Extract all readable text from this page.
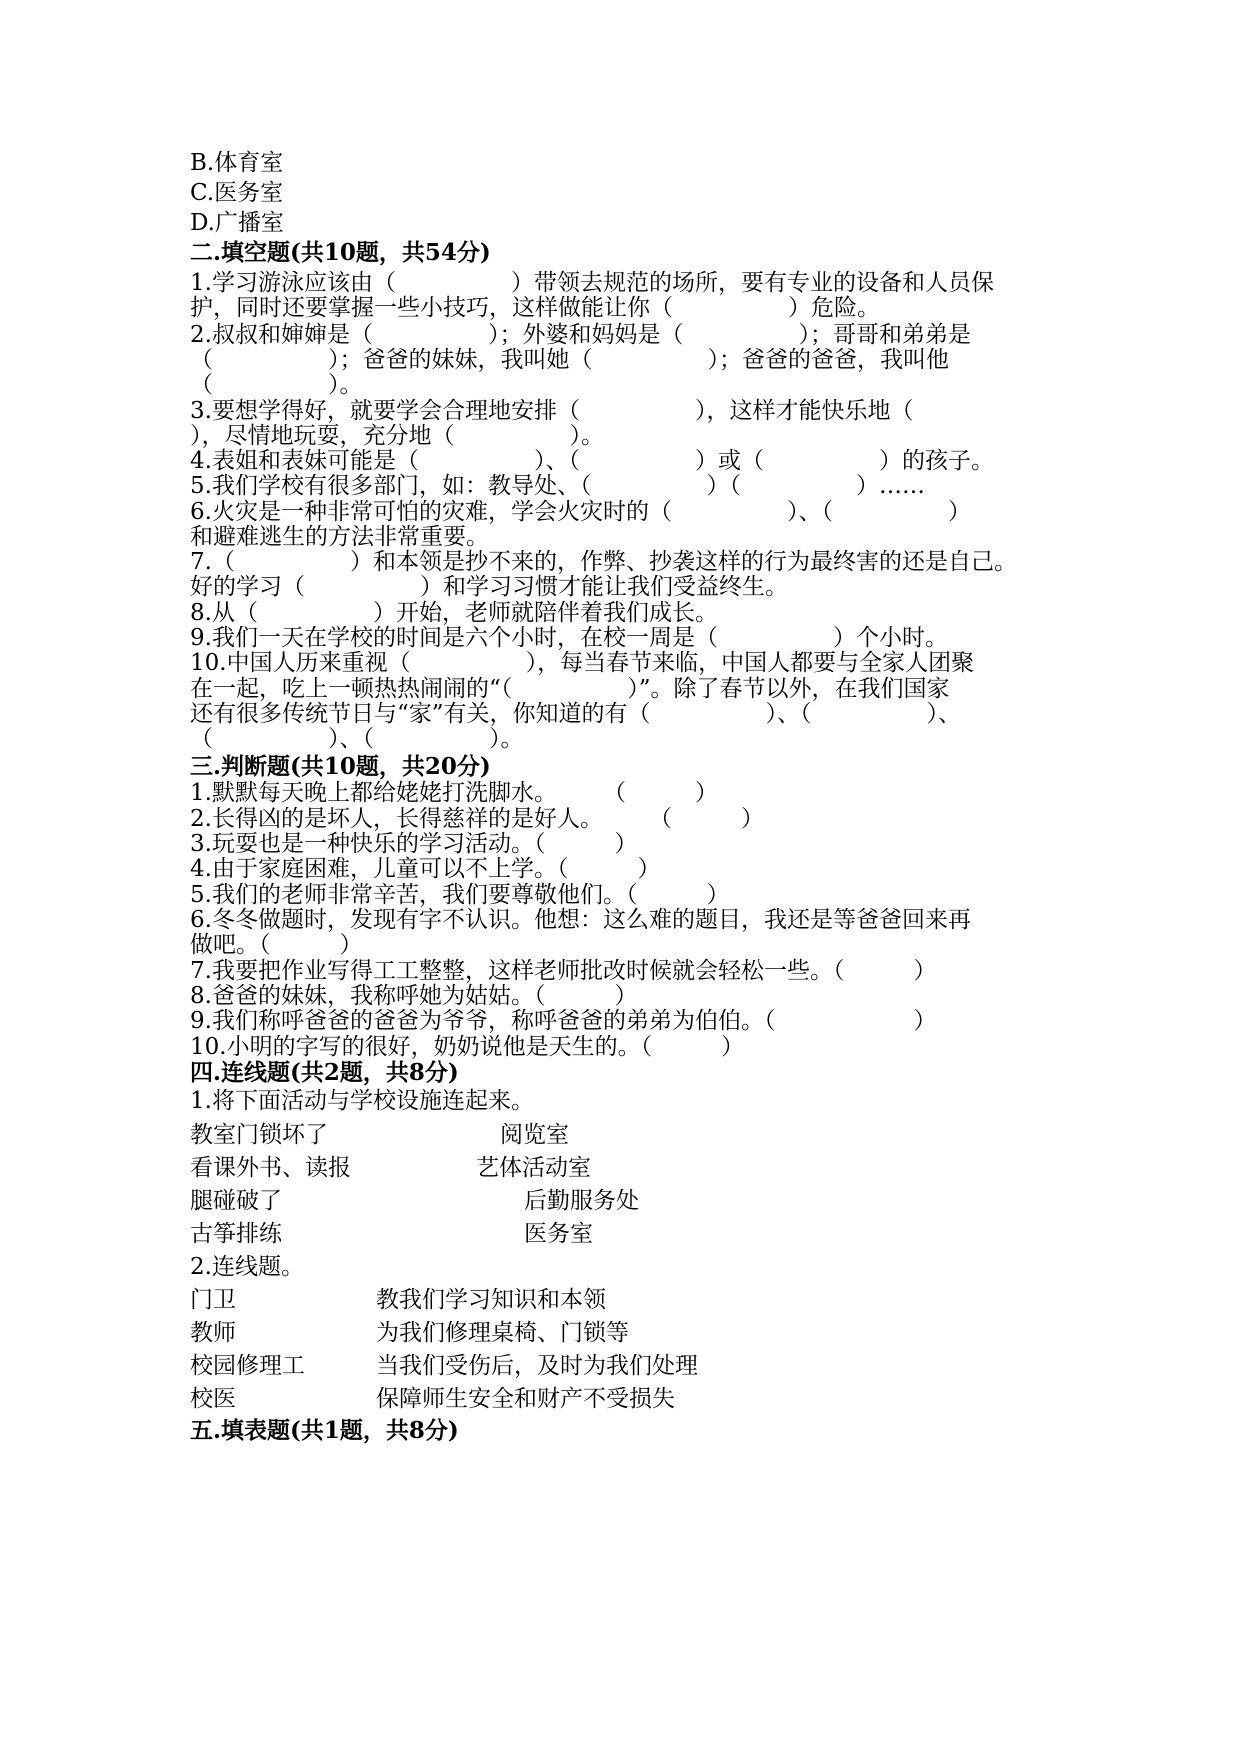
B.体育室
C.医务室
D.广播室
二.填空题(共10题，共54分)
1.学习游泳应该由（　　　　　）带领去规范的场所，要有专业的设备和人员保
护，同时还要掌握一些小技巧，这样做能让你（　　　　　）危险。
2.叔叔和婶婶是（　　　　　）；外婆和妈妈是（　　　　　）；哥哥和弟弟是
（　　　　　）；爸爸的妹妹，我叫她（　　　　　）；爸爸的爸爸，我叫他
（　　　　　）。
3.要想学得好，就要学会合理地安排（　　　　　），这样才能快乐地（
），尽情地玩耍，充分地（　　　　　）。
4.表姐和表妹可能是（　　　　　）、（　　　　　）或（　　　　　）的孩子。
5.我们学校有很多部门，如：教导处、（　　　　　）（　　　　　）……
6.火灾是一种非常可怕的灾难，学会火灾时的（　　　　　）、（　　　　　）
和避难逃生的方法非常重要。
7.（　　　　　）和本领是抄不来的，作弊、抄袭这样的行为最终害的还是自己。
好的学习（　　　　　）和学习习惯才能让我们受益终生。
8.从（　　　　　）开始，老师就陪伴着我们成长。
9.我们一天在学校的时间是六个小时，在校一周是（　　　　　）个小时。
10.中国人历来重视（　　　　　），每当春节来临，中国人都要与全家人团聚
在一起，吃上一顿热热闹闹的“（　　　　　）”。除了春节以外，在我们国家
还有很多传统节日与“家”有关，你知道的有（　　　　　）、（　　　　　）、
（　　　　　）、（　　　　　）。
三.判断题(共10题，共20分)
1.默默每天晚上都给姥姥打洗脚水。　　　（　　　）
2.长得凶的是坏人，长得慈祥的是好人。　　　（　　　）
3.玩耍也是一种快乐的学习活动。（　　　）
4.由于家庭困难，儿童可以不上学。（　　　）
5.我们的老师非常辛苦，我们要尊敬他们。（　　　）
6.冬冬做题时，发现有字不认识。他想：这么难的题目，我还是等爸爸回来再
做吧。（　　　）
7.我要把作业写得工工整整，这样老师批改时候就会轻松一些。（　　　）
8.爸爸的妹妹，我称呼她为姑姑。（　　　）
9.我们称呼爸爸的爸爸为爷爷，称呼爸爸的弟弟为伯伯。（　　　　　　）
10.小明的字写的很好，奶奶说他是天生的。（　　　）
四.连线题(共2题，共8分)
1.将下面活动与学校设施连起来。
教室门锁坏了	阅览室
看课外书、读报	艺体活动室
腿碰破了	后勤服务处
古筝排练	医务室
2.连线题。
门卫	教我们学习知识和本领
教师	为我们修理桌椅、门锁等
校园修理工	当我们受伤后，及时为我们处理
校医	保障师生安全和财产不受损失
五.填表题(共1题，共8分)
